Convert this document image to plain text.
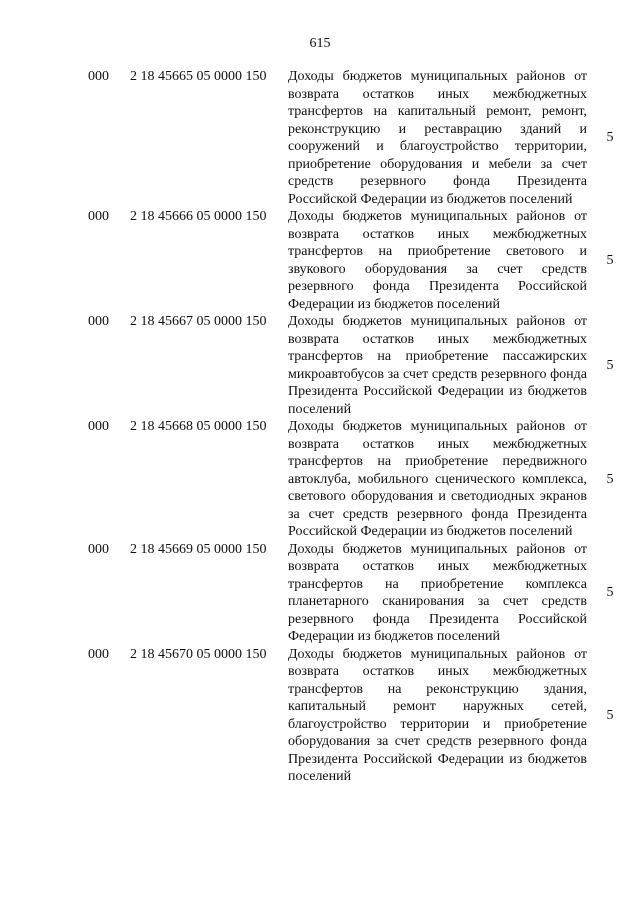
615
000 2 18 45665 05 0000 150 Доходы бюджетов муниципальных районов от возврата остатков иных межбюджетных трансфертов на капитальный ремонт, ремонт, реконструкцию и реставрацию зданий и сооружений и благоустройство территории, приобретение оборудования и мебели за счет средств резервного фонда Президента Российской Федерации из бюджетов поселений
5
000 2 18 45666 05 0000 150 Доходы бюджетов муниципальных районов от возврата остатков иных межбюджетных трансфертов на приобретение светового и звукового оборудования за счет средств резервного фонда Президента Российской Федерации из бюджетов поселений
5
000 2 18 45667 05 0000 150 Доходы бюджетов муниципальных районов от возврата остатков иных межбюджетных трансфертов на приобретение пассажирских микроавтобусов за счет средств резервного фонда Президента Российской Федерации из бюджетов поселений
5
000 2 18 45668 05 0000 150 Доходы бюджетов муниципальных районов от возврата остатков иных межбюджетных трансфертов на приобретение передвижного автоклуба, мобильного сценического комплекса, светового оборудования и светодиодных экранов за счет средств резервного фонда Президента Российской Федерации из бюджетов поселений
5
000 2 18 45669 05 0000 150 Доходы бюджетов муниципальных районов от возврата остатков иных межбюджетных трансфертов на приобретение комплекса планетарного сканирования за счет средств резервного фонда Президента Российской Федерации из бюджетов поселений
5
000 2 18 45670 05 0000 150 Доходы бюджетов муниципальных районов от возврата остатков иных межбюджетных трансфертов на реконструкцию здания, капитальный ремонт наружных сетей, благоустройство территории и приобретение оборудования за счет средств резервного фонда Президента Российской Федерации из бюджетов поселений
5
